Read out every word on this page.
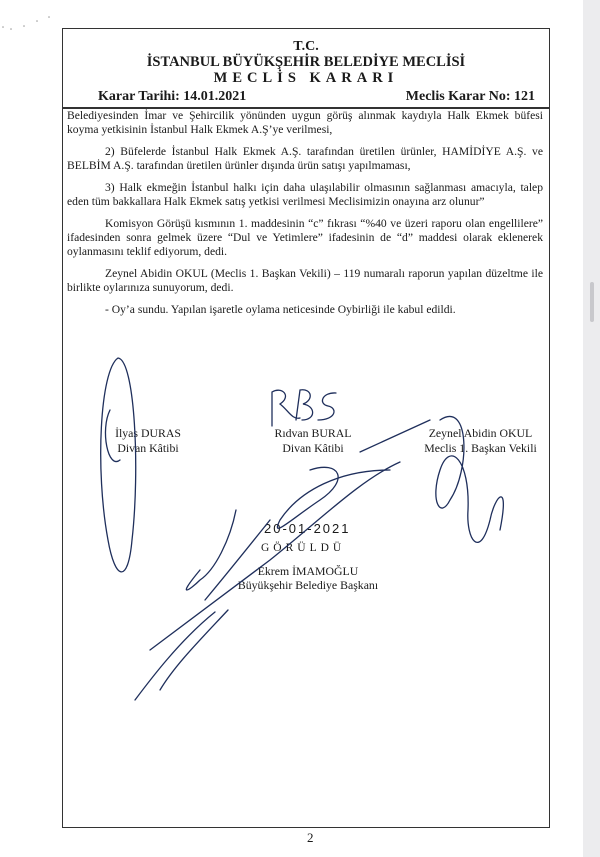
T.C.
İSTANBUL BÜYÜKŞEHİR BELEDİYE MECLİSİ
MECLİS KARARI
Karar Tarihi: 14.01.2021	Meclis Karar No: 121

Belediyesinden İmar ve Şehircilik yönünden uygun görüş alınmak kaydıyla Halk Ekmek büfesi koyma yetkisinin İstanbul Halk Ekmek A.Ş’ye verilmesi,

2) Büfelerde İstanbul Halk Ekmek A.Ş. tarafından üretilen ürünler, HAMİDİYE A.Ş. ve BELBİM A.Ş. tarafından üretilen ürünler dışında ürün satışı yapılmaması,

3) Halk ekmeğin İstanbul halkı için daha ulaşılabilir olmasının sağlanması amacıyla, talep eden tüm bakkallara Halk Ekmek satış yetkisi verilmesi Meclisimizin onayına arz olunur”

Komisyon Görüşü kısmının 1. maddesinin “c” fıkrası “%40 ve üzeri raporu olan engellilere” ifadesinden sonra gelmek üzere “Dul ve Yetimlere” ifadesinin de “d” maddesi olarak eklenerek oylanmasını teklif ediyorum, dedi.

Zeynel Abidin OKUL (Meclis 1. Başkan Vekili) – 119 numaralı raporun yapılan düzeltme ile birlikte oylarınıza sunuyorum, dedi.

- Oy’a sundu. Yapılan işaretle oylama neticesinde Oybirliği ile kabul edildi.

İlyas DURAS
Divan Kâtibi
Rıdvan BURAL
Divan Kâtibi
Zeynel Abidin OKUL
Meclis 1. Başkan Vekili
20-01-2021
GÖRÜLDÜ
Ekrem İMAMOĞLU
Büyükşehir Belediye Başkanı
2
